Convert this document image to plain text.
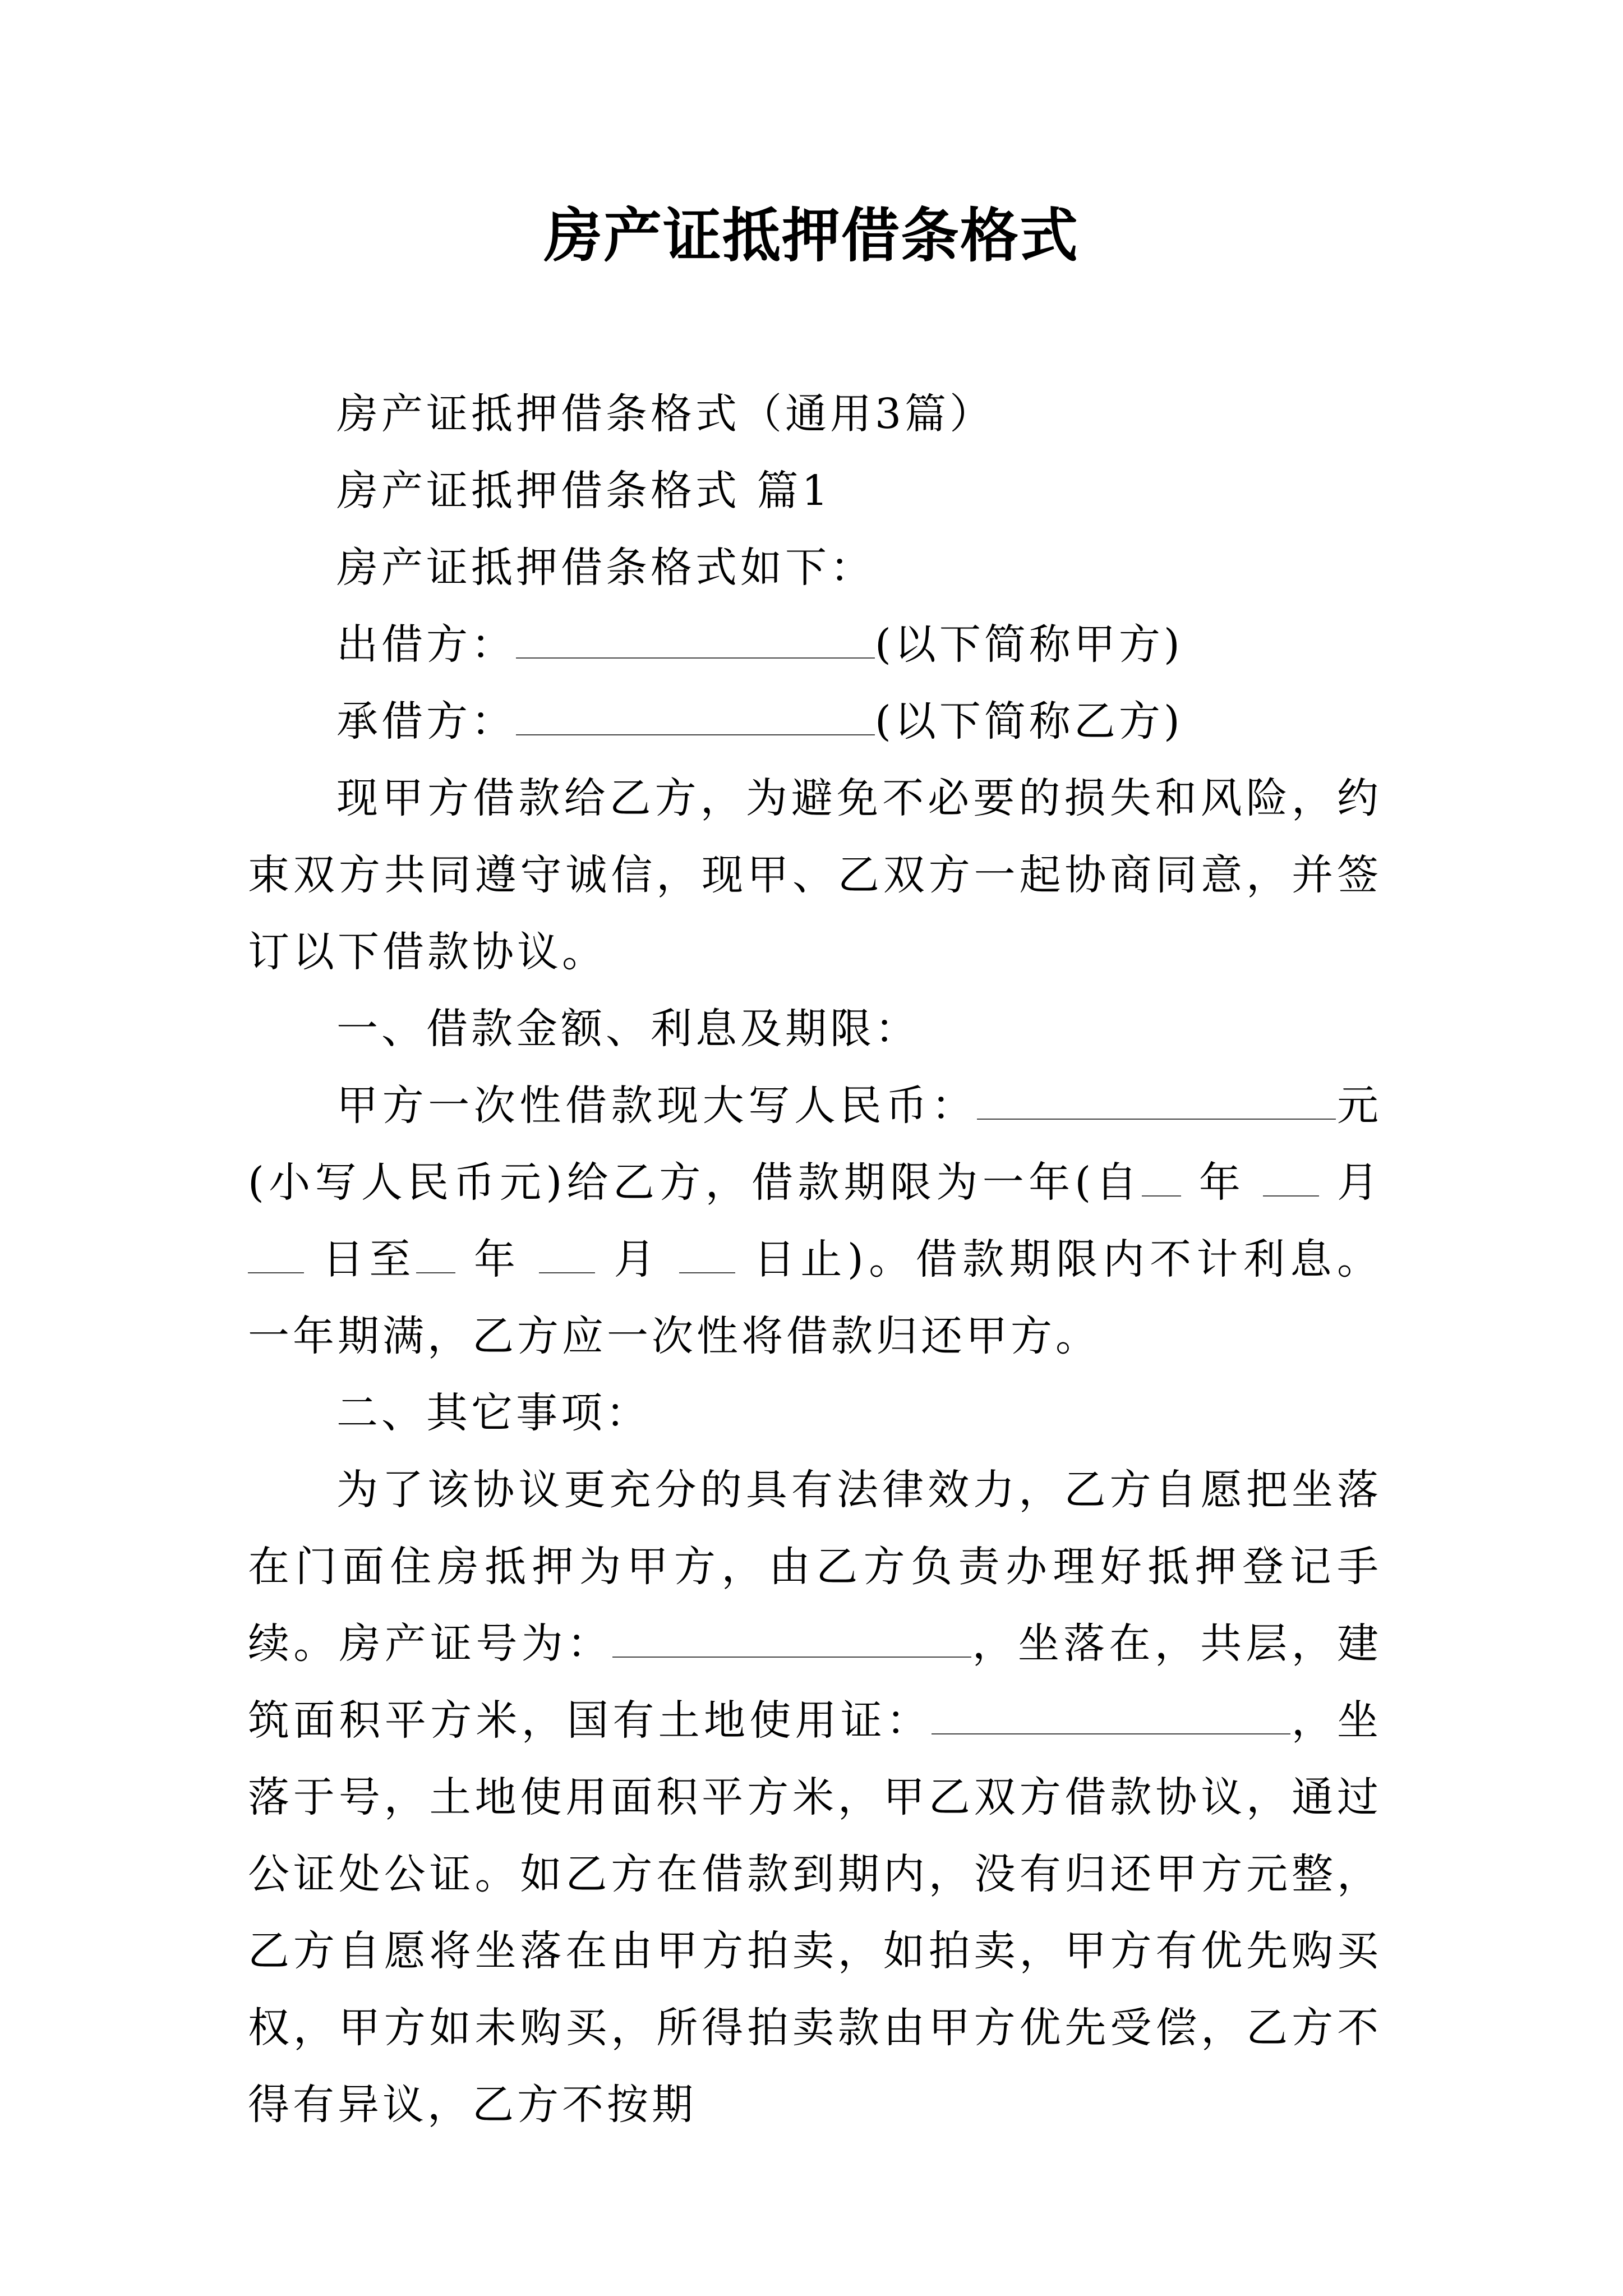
房产证抵押借条格式

房产证抵押借条格式（通用3篇）

房产证抵押借条格式 篇1

房产证抵押借条格式如下：

出借方：	(以下简称甲方)

承借方：	(以下简称乙方)

现甲方借款给乙方，为避免不必要的损失和风险，约束双方共同遵守诚信，现甲、乙双方一起协商同意，并签订以下借款协议。

一、借款金额、利息及期限：

甲方一次性借款现大写人民币：	元(小写人民币元)给乙方，借款期限为一年(自 年 月  日至 年 月 日止)。借款期限内不计利息。一年期满，乙方应一次性将借款归还甲方。

二、其它事项：

为了该协议更充分的具有法律效力，乙方自愿把坐落在门面住房抵押为甲方，由乙方负责办理好抵押登记手续。房产证号为：	，坐落在，共层，建筑面积平方米，国有土地使用证：	，坐落于号，土地使用面积平方米，甲乙双方借款协议，通过公证处公证。如乙方在借款到期内，没有归还甲方元整，乙方自愿将坐落在由甲方拍卖，如拍卖，甲方有优先购买权，甲方如未购买，所得拍卖款由甲方优先受偿，乙方不得有异议，乙方不按期
